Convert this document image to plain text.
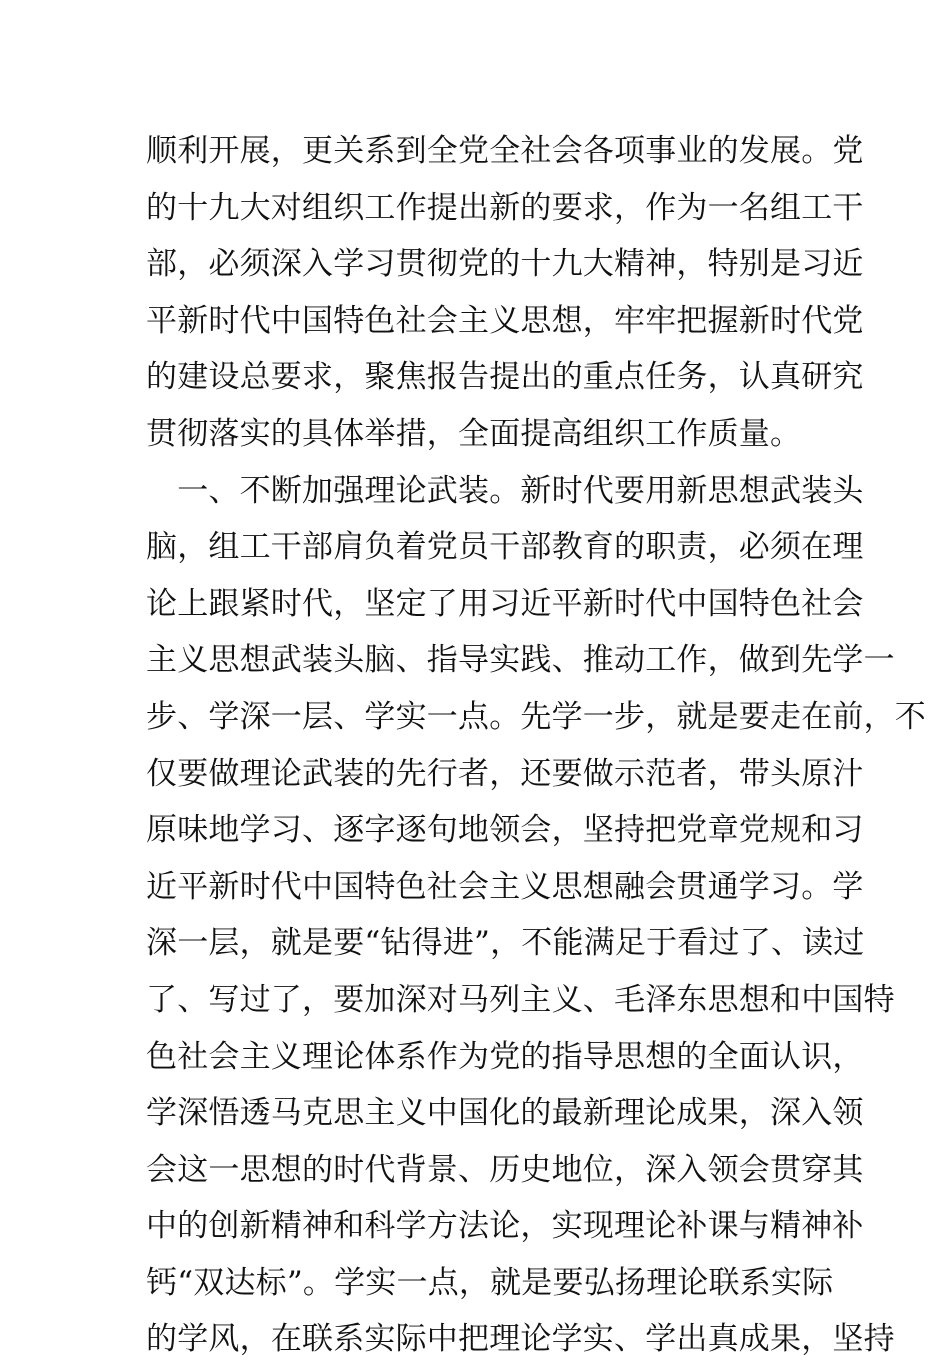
顺利开展，更关系到全党全社会各项事业的发展。党
的十九大对组织工作提出新的要求，作为一名组工干
部，必须深入学习贯彻党的十九大精神，特别是习近
平新时代中国特色社会主义思想，牢牢把握新时代党
的建设总要求，聚焦报告提出的重点任务，认真研究
贯彻落实的具体举措，全面提高组织工作质量。
　一、不断加强理论武装。新时代要用新思想武装头
脑，组工干部肩负着党员干部教育的职责，必须在理
论上跟紧时代，坚定了用习近平新时代中国特色社会
主义思想武装头脑、指导实践、推动工作，做到先学一
步、学深一层、学实一点。先学一步，就是要走在前，不
仅要做理论武装的先行者，还要做示范者，带头原汁
原味地学习、逐字逐句地领会，坚持把党章党规和习
近平新时代中国特色社会主义思想融会贯通学习。学
深一层，就是要“钻得进”，不能满足于看过了、读过
了、写过了，要加深对马列主义、毛泽东思想和中国特
色社会主义理论体系作为党的指导思想的全面认识，
学深悟透马克思主义中国化的最新理论成果，深入领
会这一思想的时代背景、历史地位，深入领会贯穿其
中的创新精神和科学方法论，实现理论补课与精神补
钙“双达标”。学实一点，就是要弘扬理论联系实际
的学风，在联系实际中把理论学实、学出真成果，坚持
